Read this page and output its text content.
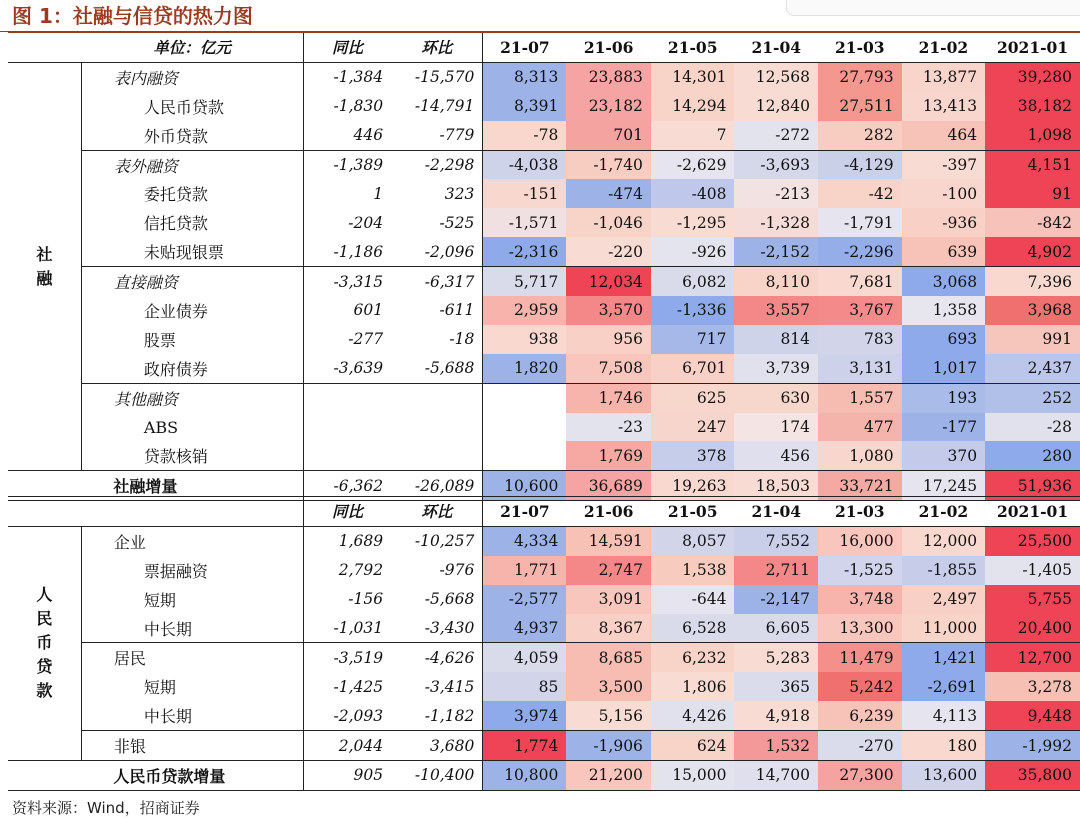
图 1：社融与信贷的热力图
	单位：亿元	同比	环比	21-07	21-06	21-05	21-04	21-03	21-02	2021-01
社
融	表内融资	-1,384	-15,570	8,313	23,883	14,301	12,568	27,793	13,877	39,280
	人民币贷款	-1,830	-14,791	8,391	23,182	14,294	12,840	27,511	13,413	38,182
	外币贷款	446	-779	-78	701	7	-272	282	464	1,098
	表外融资	-1,389	-2,298	-4,038	-1,740	-2,629	-3,693	-4,129	-397	4,151
	委托贷款	1	323	-151	-474	-408	-213	-42	-100	91
	信托贷款	-204	-525	-1,571	-1,046	-1,295	-1,328	-1,791	-936	-842
	未贴现银票	-1,186	-2,096	-2,316	-220	-926	-2,152	-2,296	639	4,902
	直接融资	-3,315	-6,317	5,717	12,034	6,082	8,110	7,681	3,068	7,396
	企业债券	601	-611	2,959	3,570	-1,336	3,557	3,767	1,358	3,968
	股票	-277	-18	938	956	717	814	783	693	991
	政府债券	-3,639	-5,688	1,820	7,508	6,701	3,739	3,131	1,017	2,437
	其他融资				1,746	625	630	1,557	193	252
	ABS				-23	247	174	477	-177	-28
	贷款核销				1,769	378	456	1,080	370	280
	社融增量	-6,362	-26,089	10,600	36,689	19,263	18,503	33,721	17,245	51,936
		同比	环比	21-07	21-06	21-05	21-04	21-03	21-02	2021-01
人
民
币
贷
款	企业	1,689	-10,257	4,334	14,591	8,057	7,552	16,000	12,000	25,500
	票据融资	2,792	-976	1,771	2,747	1,538	2,711	-1,525	-1,855	-1,405
	短期	-156	-5,668	-2,577	3,091	-644	-2,147	3,748	2,497	5,755
	中长期	-1,031	-3,430	4,937	8,367	6,528	6,605	13,300	11,000	20,400
	居民	-3,519	-4,626	4,059	8,685	6,232	5,283	11,479	1,421	12,700
	短期	-1,425	-3,415	85	3,500	1,806	365	5,242	-2,691	3,278
	中长期	-2,093	-1,182	3,974	5,156	4,426	4,918	6,239	4,113	9,448
	非银	2,044	3,680	1,774	-1,906	624	1,532	-270	180	-1,992
	人民币贷款增量	905	-10,400	10,800	21,200	15,000	14,700	27,300	13,600	35,800
资料来源：Wind，招商证券
